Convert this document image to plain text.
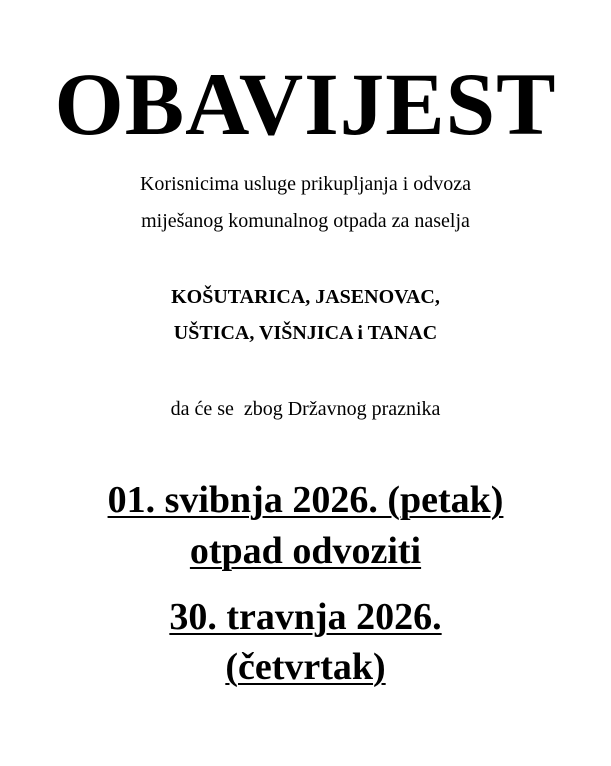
OBAVIJEST
Korisnicima usluge prikupljanja i odvoza
miješanog komunalnog otpada za naselja
KOŠUTARICA, JASENOVAC,
UŠTICA, VIŠNJICA i TANAC
da će se  zbog Državnog praznika
01. svibnja 2026. (petak)
otpad odvoziti
30. travnja 2026.
(četvrtak)
